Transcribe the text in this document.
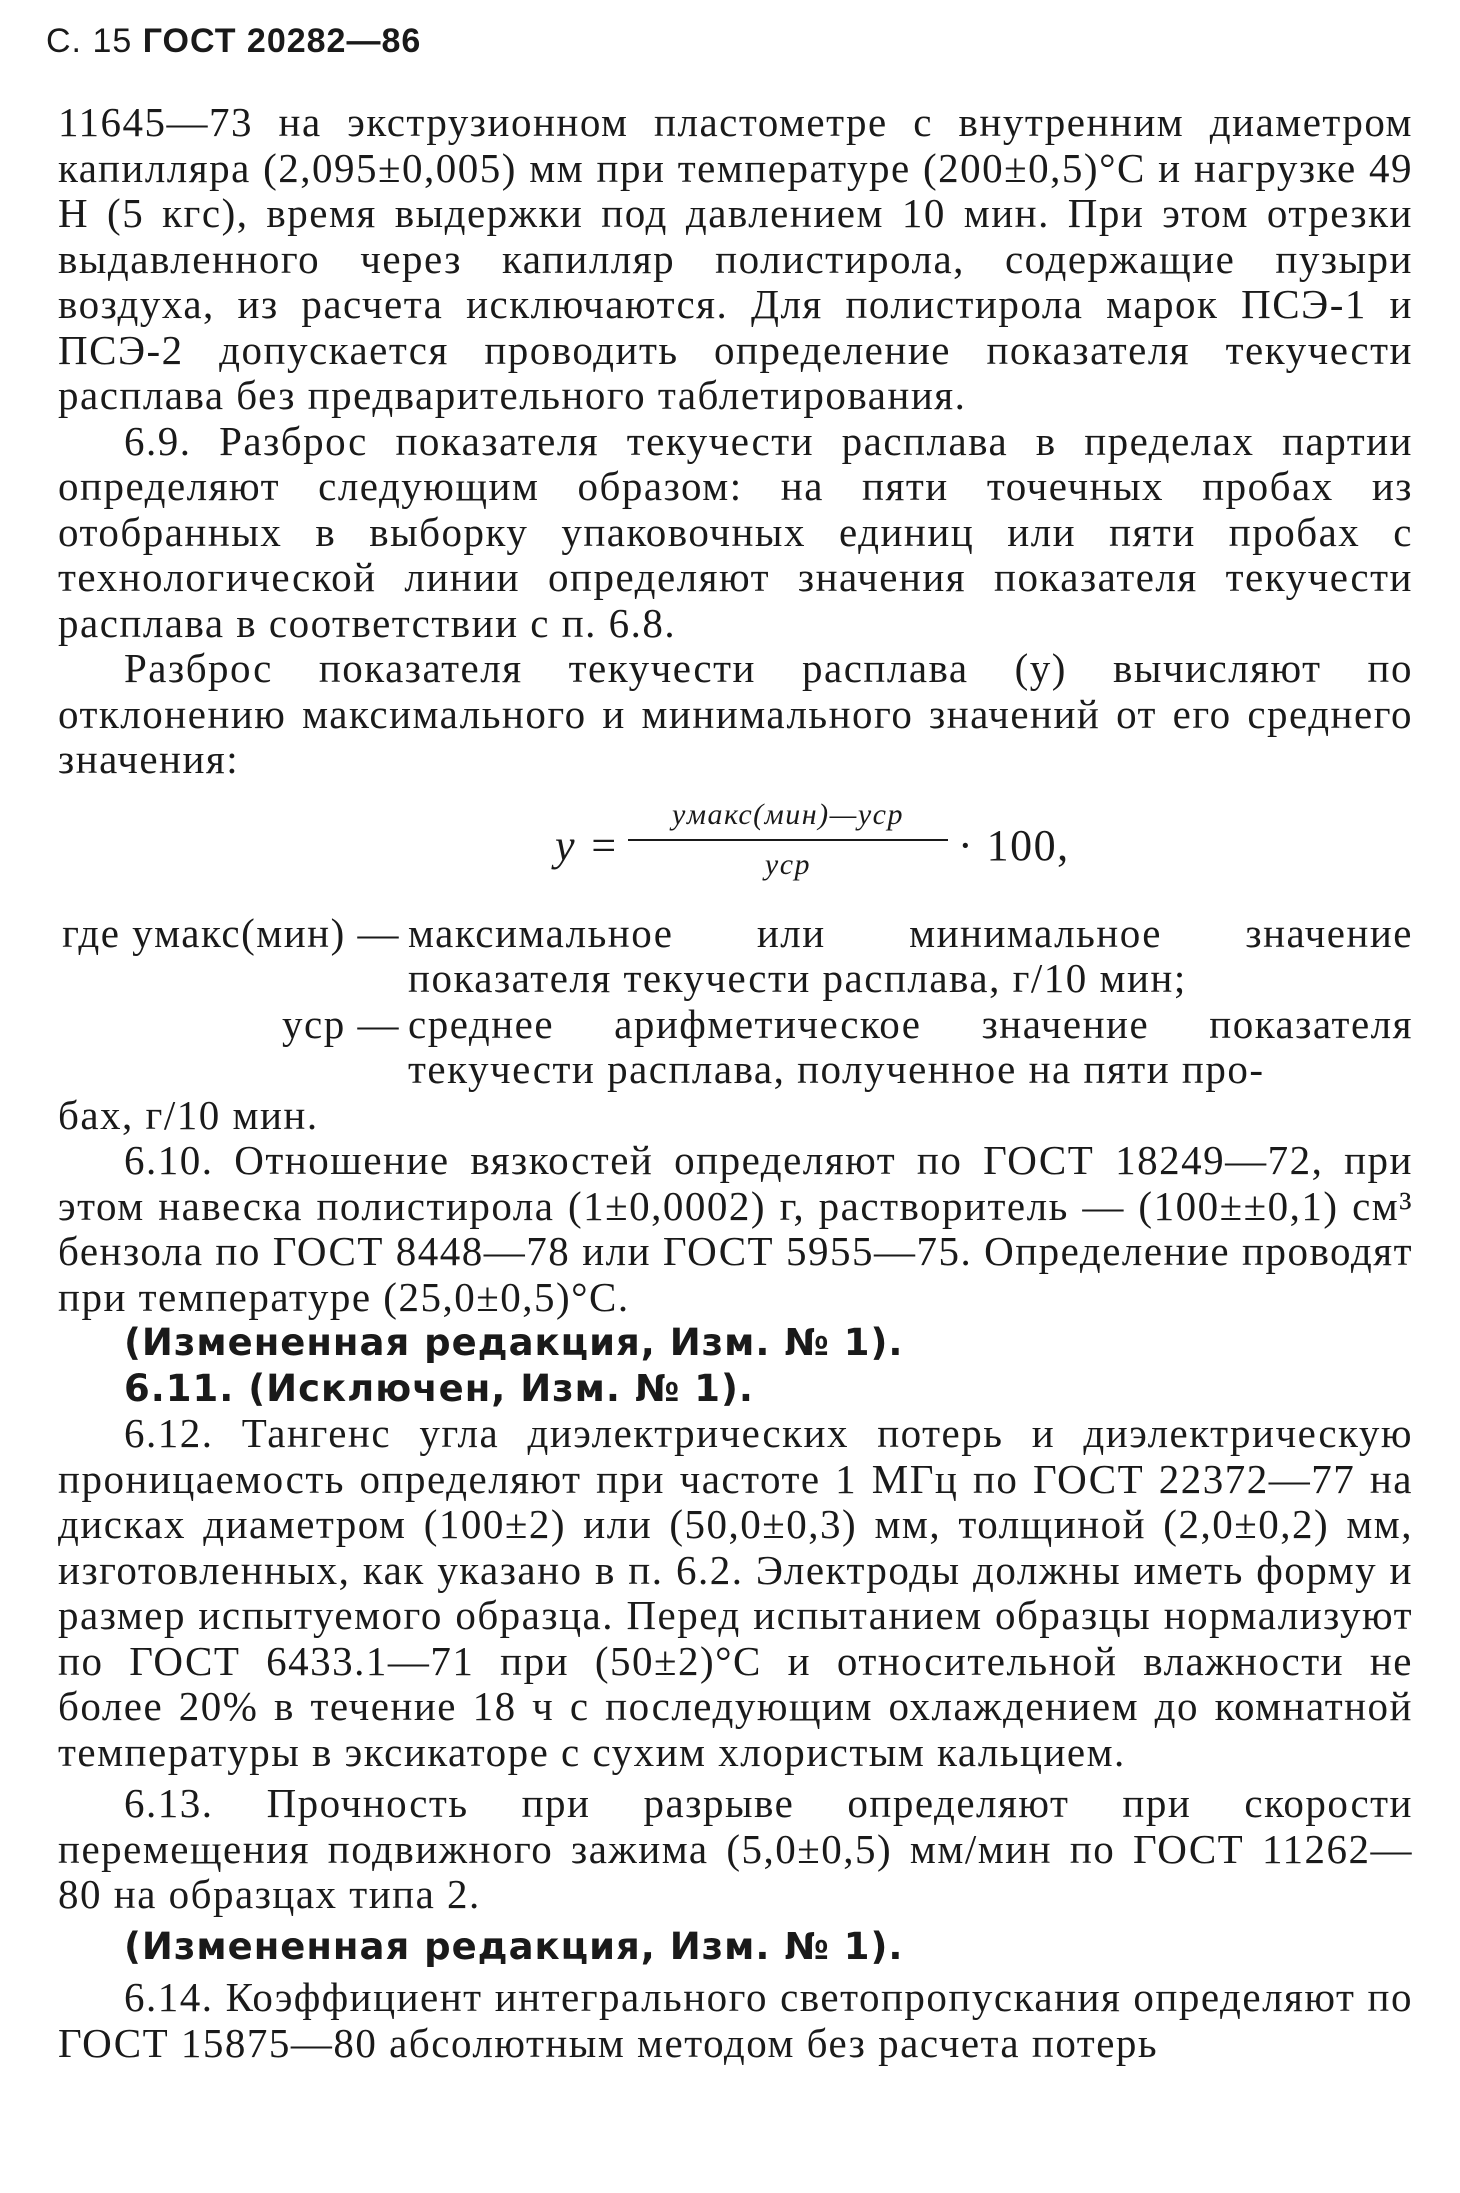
С. 15 ГОСТ 20282—86

11645—73 на экструзионном пластометре с внутренним диаметром капилляра (2,095±0,005) мм при температуре (200±0,5)°С и нагрузке 49 Н (5 кгс), время выдержки под давлением 10 мин. При этом отрезки выдавленного через капилляр полистирола, содержащие пузыри воздуха, из расчета исключаются. Для полистирола марок ПСЭ-1 и ПСЭ-2 допускается проводить определение показателя текучести расплава без предварительного таблетирования.

6.9. Разброс показателя текучести расплава в пределах партии определяют следующим образом: на пяти точечных пробах из отобранных в выборку упаковочных единиц или пяти пробах с технологической линии определяют значения показателя текучести расплава в соответствии с п. 6.8.

Разброс показателя текучести расплава (у) вычисляют по отклонению максимального и минимального значений от его среднего значения:

y =
yмакс(мин)—yср
yср	· 100,
где yмакс(мин) — максимальное или минимальное значение показателя текучести расплава, г/10 мин;
yср — среднее арифметическое значение показателя текучести расплава, полученное на пяти про-

бах, г/10 мин.

6.10. Отношение вязкостей определяют по ГОСТ 18249—72, при этом навеска полистирола (1±0,0002) г, растворитель — (100±±0,1) см³ бензола по ГОСТ 8448—78 или ГОСТ 5955—75. Определение проводят при температуре (25,0±0,5)°С.

(Измененная редакция, Изм. № 1).

6.11. (Исключен, Изм. № 1).

6.12. Тангенс угла диэлектрических потерь и диэлектрическую проницаемость определяют при частоте 1 МГц по ГОСТ 22372—77 на дисках диаметром (100±2) или (50,0±0,3) мм, толщиной (2,0±0,2) мм, изготовленных, как указано в п. 6.2. Электроды должны иметь форму и размер испытуемого образца. Перед испытанием образцы нормализуют по ГОСТ 6433.1—71 при (50±2)°С и относительной влажности не более 20% в течение 18 ч с последующим охлаждением до комнатной температуры в эксикаторе с сухим хлористым кальцием.

6.13. Прочность при разрыве определяют при скорости перемещения подвижного зажима (5,0±0,5) мм/мин по ГОСТ 11262—80 на образцах типа 2.

(Измененная редакция, Изм. № 1).

6.14. Коэффициент интегрального светопропускания определяют по ГОСТ 15875—80 абсолютным методом без расчета потерь
